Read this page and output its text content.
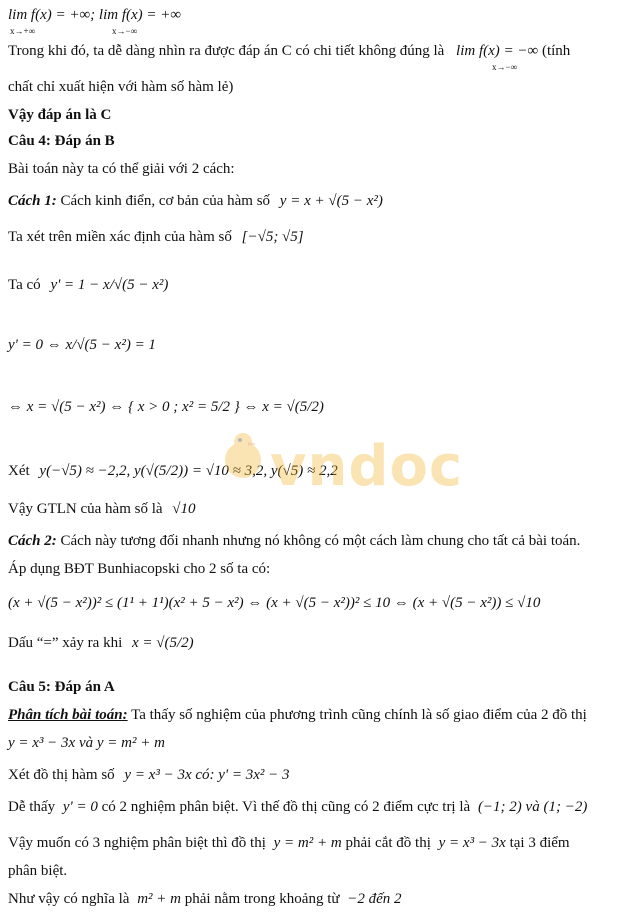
lim f(x) = +∞; lim f(x) = +∞
x→+∞	x→−∞
Trong khi đó, ta dễ dàng nhìn ra được đáp án C có chi tiết không đúng là lim f(x) = −∞ (tính
x→−∞
chất chỉ xuất hiện với hàm số hàm lẻ)
Vậy đáp án là C
Câu 4: Đáp án B
Bài toán này ta có thể giải với 2 cách:
Cách 1: Cách kinh điển, cơ bản của hàm số y = x + √(5 − x²)
Ta xét trên miền xác định của hàm số [−√5; √5]
Ta có y' = 1 − x/√(5 − x²)
y' = 0 ⇔ x/√(5 − x²) = 1
⇔ x = √(5 − x²) ⇔ { x > 0 ; x² = 5/2 } ⇔ x = √(5/2)
Xét y(−√5) ≈ −2,2, y(√(5/2)) = √10 ≈ 3,2, y(√5) ≈ 2,2
Vậy GTLN của hàm số là √10
Cách 2: Cách này tương đối nhanh nhưng nó không có một cách làm chung cho tất cả bài toán.
Áp dụng BĐT Bunhiacopski cho 2 số ta có:
(x + √(5 − x²))² ≤ (1¹ + 1¹)(x² + 5 − x²) ⇔ (x + √(5 − x²))² ≤ 10 ⇔ (x + √(5 − x²)) ≤ √10
Dấu “=” xảy ra khi x = √(5/2)
Câu 5: Đáp án A
Phân tích bài toán: Ta thấy số nghiệm của phương trình cũng chính là số giao điểm của 2 đồ thị
y = x³ − 3x và y = m² + m
Xét đồ thị hàm số y = x³ − 3x có: y' = 3x² − 3
Dễ thấy y' = 0 có 2 nghiệm phân biệt. Vì thế đồ thị cũng có 2 điểm cực trị là (−1; 2) và (1; −2)
Vậy muốn có 3 nghiệm phân biệt thì đồ thị y = m² + m phải cắt đồ thị y = x³ − 3x tại 3 điểm
phân biệt.
Như vậy có nghĩa là m² + m phải nằm trong khoảng từ −2 đến 2
vndoc
